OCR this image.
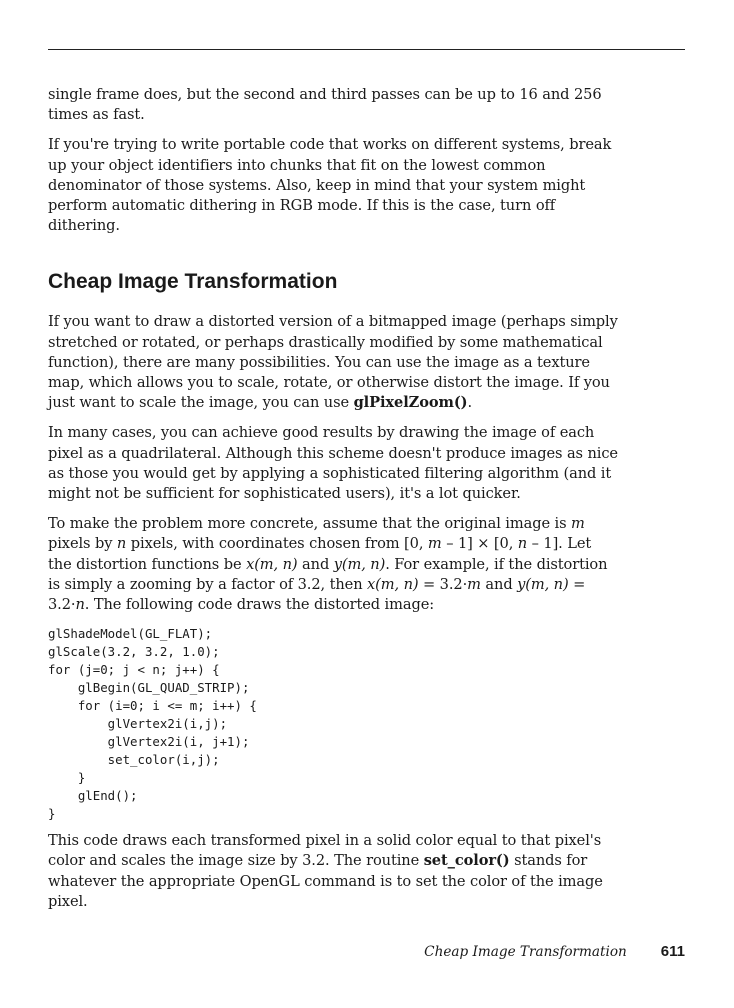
single frame does, but the second and third passes can be up to 16 and 256 times as fast.

If you're trying to write portable code that works on different systems, break up your object identifiers into chunks that fit on the lowest common denominator of those systems. Also, keep in mind that your system might perform automatic dithering in RGB mode. If this is the case, turn off dithering.

Cheap Image Transformation

If you want to draw a distorted version of a bitmapped image (perhaps simply stretched or rotated, or perhaps drastically modified by some mathematical function), there are many possibilities. You can use the image as a texture map, which allows you to scale, rotate, or otherwise distort the image. If you just want to scale the image, you can use glPixelZoom().

In many cases, you can achieve good results by drawing the image of each pixel as a quadrilateral. Although this scheme doesn't produce images as nice as those you would get by applying a sophisticated filtering algorithm (and it might not be sufficient for sophisticated users), it's a lot quicker.

To make the problem more concrete, assume that the original image is m pixels by n pixels, with coordinates chosen from [0, m – 1] × [0, n – 1]. Let the distortion functions be x(m, n) and y(m, n). For example, if the distortion is simply a zooming by a factor of 3.2, then x(m, n) = 3.2·m and y(m, n) = 3.2·n. The following code draws the distorted image:

glShadeModel(GL_FLAT);
glScale(3.2, 3.2, 1.0);
for (j=0; j < n; j++) {
glBegin(GL_QUAD_STRIP);
for (i=0; i <= m; i++) {
glVertex2i(i,j);
glVertex2i(i, j+1);
set_color(i,j);
}
glEnd();
}

This code draws each transformed pixel in a solid color equal to that pixel's color and scales the image size by 3.2. The routine set_color() stands for whatever the appropriate OpenGL command is to set the color of the image pixel.

Cheap Image Transformation 611
